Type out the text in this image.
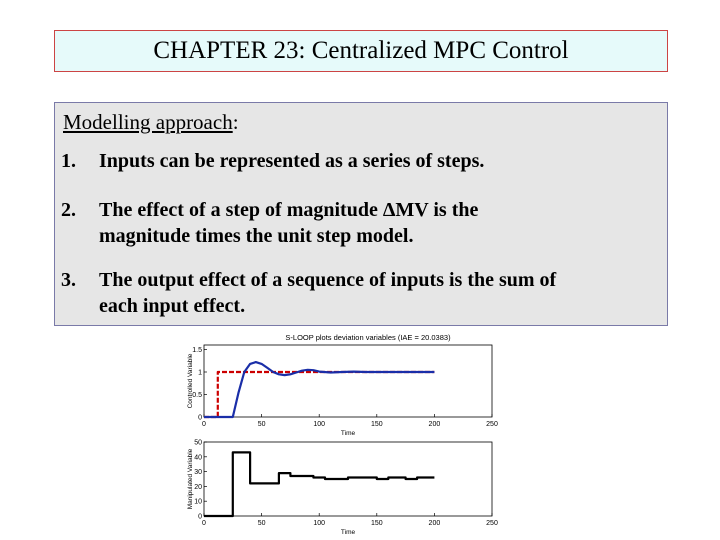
CHAPTER 23: Centralized MPC Control
Modelling approach:
1. Inputs can be represented as a series of steps.
2. The effect of a step of magnitude ΔMV is the
magnitude times the unit step model.
3. The output effect of a sequence of inputs is the sum of
each input effect.
S-LOOP plots deviation variables (IAE = 20.0383)
0	50	100	150	200	250
0
0.5
1
1.5
Time
Controlled Variable
0	50	100	150	200	250
0
10
20
30
40
50
Time
Manipulated Variable
